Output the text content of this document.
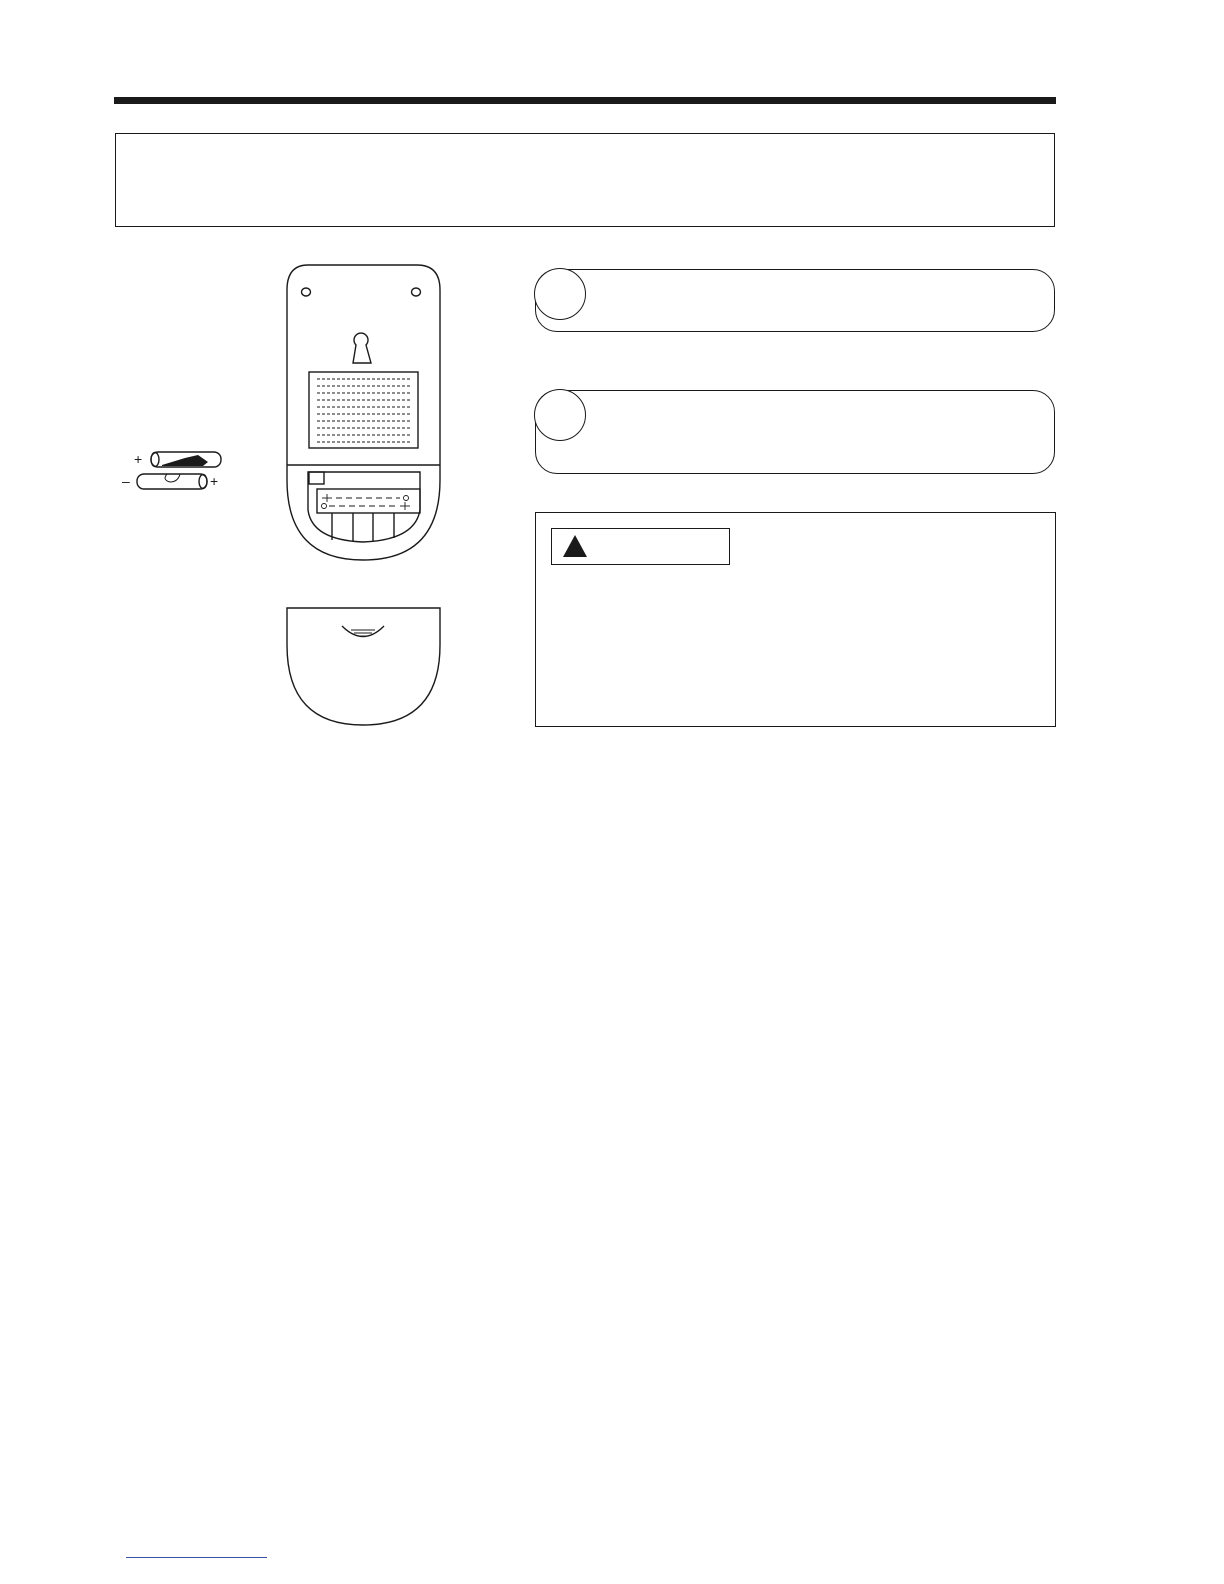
+
–	+
